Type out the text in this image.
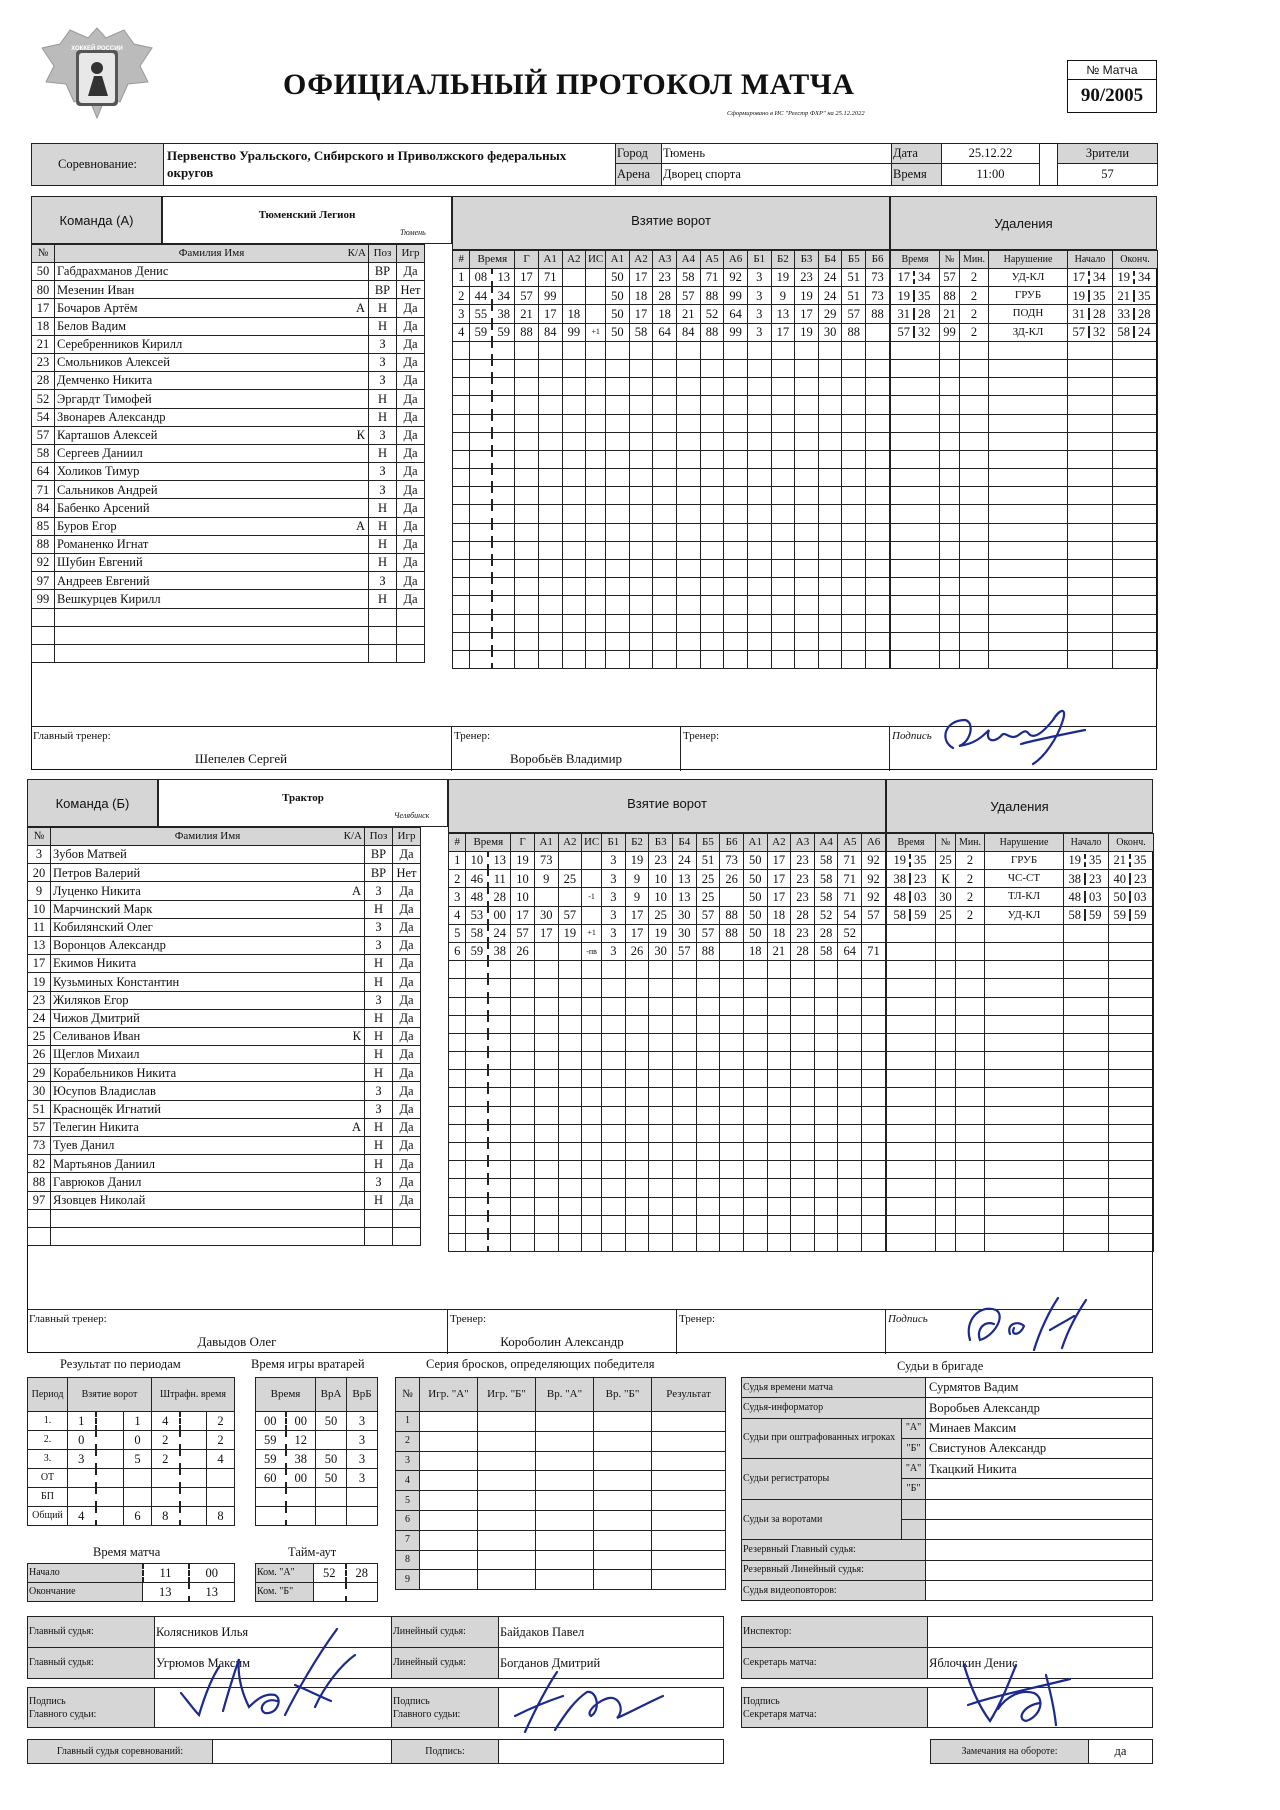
ХОККЕЙ РОССИИ
ОФИЦИАЛЬНЫЙ ПРОТОКОЛ МАТЧА
Сформировано в ИС "Реестр ФХР" на 25.12.2022
№ Матча
90/2005
Соревнование:	Первенство Уральского, Сибирского и Приволжского федеральных округов	Город	Тюмень	Дата	25.12.22		Зрители
		Арена	Дворец спорта	Время	11:00		57
Команда (А)	Тюменский Легион
Тюмень
Взятие ворот	Удаления
№	Фамилия Имя К/А	Поз	Игр
50	Габдрахманов Денис	ВР	Да
80	Мезенин Иван	ВР	Нет
17	Бочаров Артём А	Н	Да
18	Белов Вадим	Н	Да
21	Серебренников Кирилл	З	Да
23	Смольников Алексей	З	Да
28	Демченко Никита	З	Да
52	Эргардт Тимофей	Н	Да
54	Звонарев Александр	Н	Да
57	Карташов Алексей К	З	Да
58	Сергеев Даниил	Н	Да
64	Холиков Тимур	З	Да
71	Сальников Андрей	З	Да
84	Бабенко Арсений	Н	Да
85	Буров Егор А	Н	Да
88	Романенко Игнат	Н	Да
92	Шубин Евгений	Н	Да
97	Андреев Евгений	З	Да
99	Вешкурцев Кирилл	Н	Да

#	Время		Г	А1	А2	ИС	А1	А2	А3	А4	А5	А6	Б1	Б2	Б3	Б4	Б5	Б6
1	08	13	17	71			50	17	23	58	71	92	3	19	23	24	51	73
2	44	34	57	99			50	18	28	57	88	99	3	9	19	24	51	73
3	55	38	21	17	18		50	17	18	21	52	64	3	13	17	29	57	88
4	59	59	88	84	99	+1	50	58	64	84	88	99	3	17	19	30	88	

Время	№	Мин.	Нарушение	Начало	Оконч.
17 34	57	2	УД-КЛ	17 34	19 34
19 35	88	2	ГРУБ	19 35	21 35
31 28	21	2	ПОДН	31 28	33 28
57 32	99	2	ЗД-КЛ	57 32	58 24

Главный тренер:
Шепелев Сергей
Тренер:
Воробьёв Владимир
Тренер:	Подпись
Команда (Б)	Трактор
Челябинск
Взятие ворот	Удаления
№	Фамилия Имя К/А	Поз	Игр
3	Зубов Матвей	ВР	Да
20	Петров Валерий	ВР	Нет
9	Луценко Никита А	З	Да
10	Марчинский Марк	Н	Да
11	Кобилянский Олег	З	Да
13	Воронцов Александр	З	Да
17	Екимов Никита	Н	Да
19	Кузьминых Константин	Н	Да
23	Жиляков Егор	З	Да
24	Чижов Дмитрий	Н	Да
25	Селиванов Иван К	Н	Да
26	Щеглов Михаил	Н	Да
29	Корабельников Никита	Н	Да
30	Юсупов Владислав	З	Да
51	Краснощёк Игнатий	З	Да
57	Телегин Никита А	Н	Да
73	Туев Данил	Н	Да
82	Мартьянов Даниил	Н	Да
88	Гаврюков Данил	З	Да
97	Язовцев Николай	Н	Да

#	Время		Г	А1	А2	ИС	Б1	Б2	Б3	Б4	Б5	Б6	А1	А2	А3	А4	А5	А6
1	10	13	19	73			3	19	23	24	51	73	50	17	23	58	71	92
2	46	11	10	9	25		3	9	10	13	25	26	50	17	23	58	71	92
3	48	28	10			-1	3	9	10	13	25		50	17	23	58	71	92
4	53	00	17	30	57		3	17	25	30	57	88	50	18	28	52	54	57
5	58	24	57	17	19	+1	3	17	19	30	57	88	50	18	23	28	52	
6	59	38	26			-пв	3	26	30	57	88		18	21	28	58	64	71

Время	№	Мин.	Нарушение	Начало	Оконч.
19 35	25	2	ГРУБ	19 35	21 35
38 23	К	2	ЧС-СТ	38 23	40 23
48 03	30	2	ТЛ-КЛ	48 03	50 03
58 59	25	2	УД-КЛ	58 59	59 59

Главный тренер:
Давыдов Олег
Тренер:
Короболин Александр
Тренер:	Подпись
Результат по периодам
Период	Взятие ворот			Штрафн. время		
1.	1		1	4		2
2.	0		0	2		2
3.	3		5	2		4
ОТ						
БП						
Общий	4		6	8		8
Время матча
Начало	11	00
Окончание	13	13
Время игры вратарей
Время		ВрА	ВрБ
00	00	50	3
59	12		3
59	38	50	3
60	00	50	3

Тайм-аут
Ком. "А"	52	28
Ком. "Б"		
Серия бросков, определяющих победителя
№	Игр. "А"	Игр. "Б"	Вр. "А"	Вр. "Б"	Результат
1					
2					
3					
4					
5					
6					
7					
8					
9					
Судьи в бригаде
Судья времени матча		Сурмятов Вадим
Судья-информатор		Воробьев Александр
Судьи при оштрафованных игроках	"А"	Минаев Максим
	"Б"	Свистунов Александр
Судьи регистраторы	"А"	Ткацкий Никита
	"Б"	
Судьи за воротами		

Резервный Главный судья:		
Резервный Линейный судья:		
Судья видеоповторов:		
Главный судья:	Колясников Илья	Линейный судья:	Байдаков Павел
Главный судья:	Угрюмов Максим	Линейный судья:	Богданов Дмитрий
Инспектор:	
Секретарь матча:	Яблочкин Денис
Подпись
Главного судьи:

Подпись
Главного судьи:

Подпись
Секретаря матча:

Главный судья соревнований:		Подпись:		Замечания на обороте:	да
